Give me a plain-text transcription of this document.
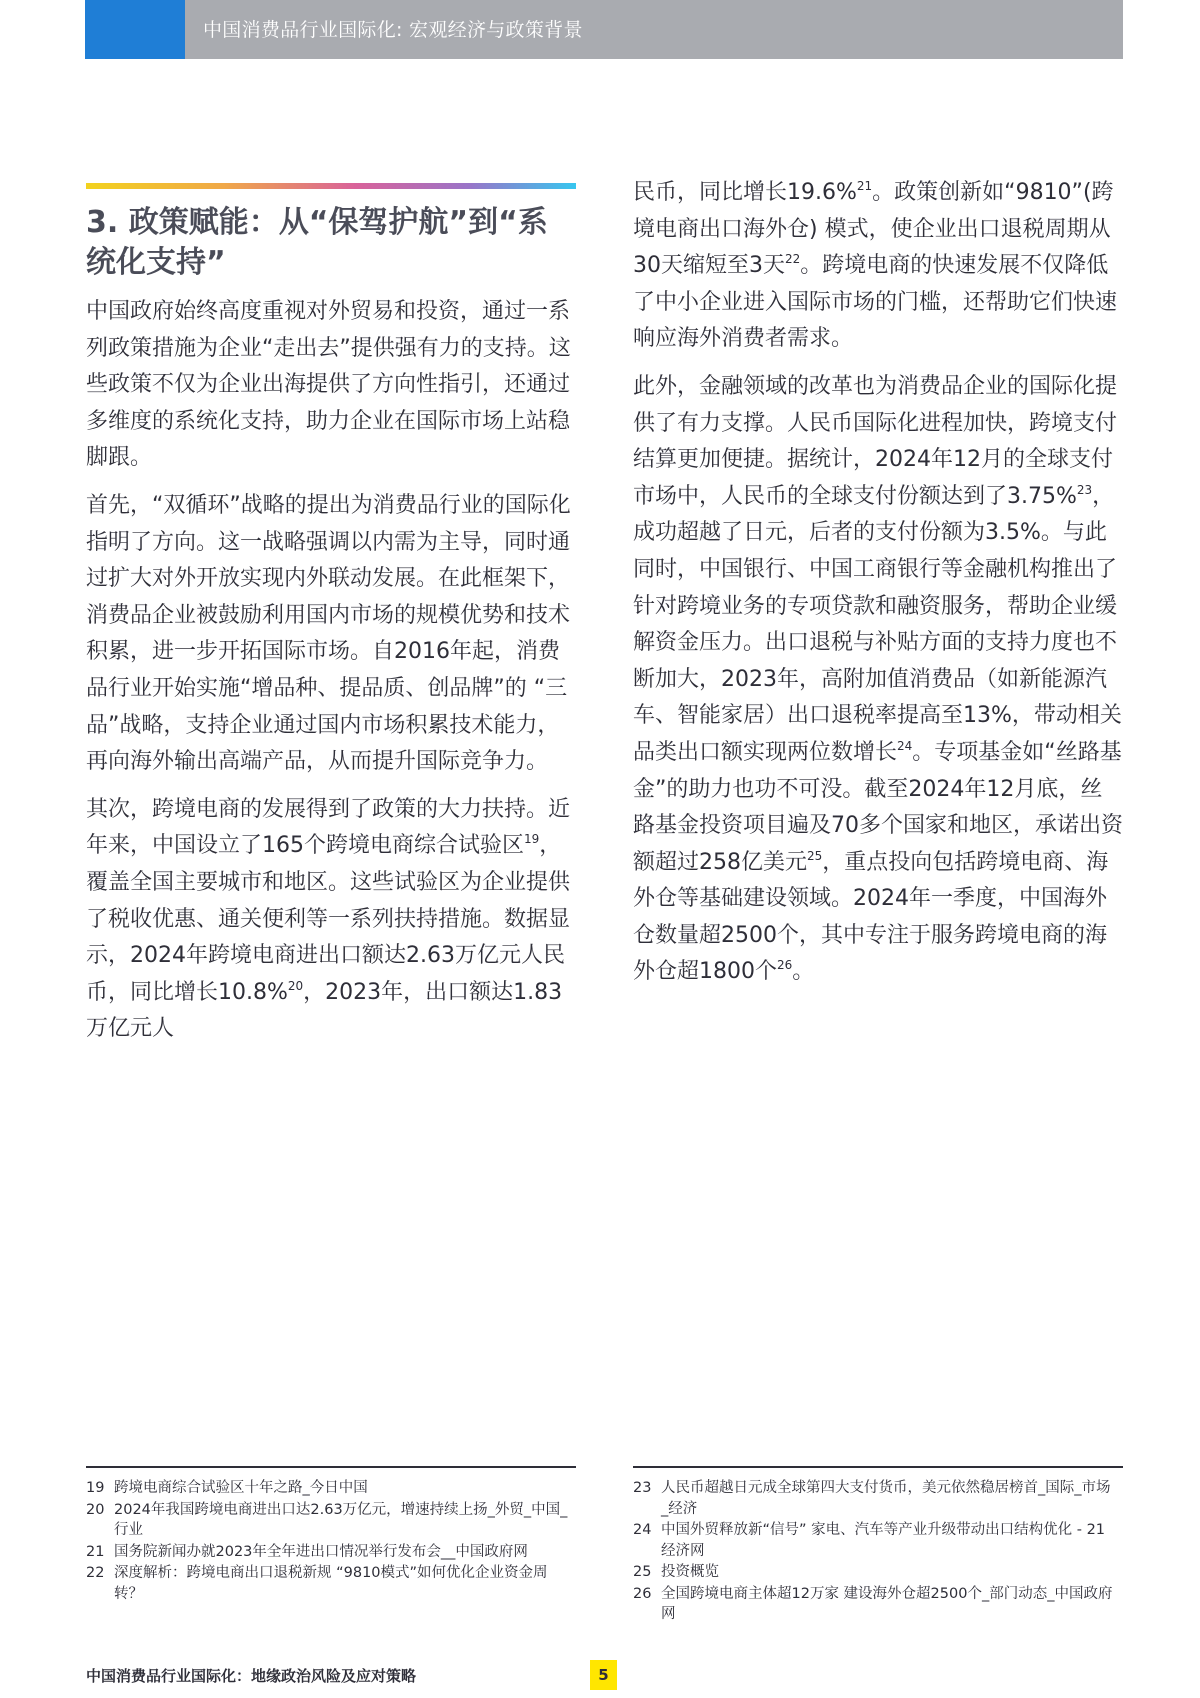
中国消费品行业国际化: 宏观经济与政策背景
3. 政策赋能：从“保驾护航”到“系统化支持”

中国政府始终高度重视对外贸易和投资，通过一系列政策措施为企业“走出去”提供强有力的支持。这些政策不仅为企业出海提供了方向性指引，还通过多维度的系统化支持，助力企业在国际市场上站稳脚跟。

首先，“双循环”战略的提出为消费品行业的国际化指明了方向。这一战略强调以内需为主导，同时通过扩大对外开放实现内外联动发展。在此框架下，消费品企业被鼓励利用国内市场的规模优势和技术积累，进一步开拓国际市场。自2016年起，消费品行业开始实施“增品种、提品质、创品牌”的 “三品”战略，支持企业通过国内市场积累技术能力，再向海外输出高端产品，从而提升国际竞争力。

其次，跨境电商的发展得到了政策的大力扶持。近年来，中国设立了165个跨境电商综合试验区$^{19}$，覆盖全国主要城市和地区。这些试验区为企业提供了税收优惠、通关便利等一系列扶持措施。数据显示，2024年跨境电商进出口额达2.63万亿元人民币，同比增长10.8%$^{20}$，2023年，出口额达1.83万亿元人

民币，同比增长19.6%$^{21}$。政策创新如“9810”(跨境电商出口海外仓) 模式，使企业出口退税周期从30天缩短至3天$^{22}$。跨境电商的快速发展不仅降低了中小企业进入国际市场的门槛，还帮助它们快速响应海外消费者需求。

此外，金融领域的改革也为消费品企业的国际化提供了有力支撑。人民币国际化进程加快，跨境支付结算更加便捷。据统计，2024年12月的全球支付市场中，人民币的全球支付份额达到了3.75%$^{23}$，成功超越了日元，后者的支付份额为3.5%。与此同时，中国银行、中国工商银行等金融机构推出了针对跨境业务的专项贷款和融资服务，帮助企业缓解资金压力。出口退税与补贴方面的支持力度也不断加大，2023年，高附加值消费品（如新能源汽车、智能家居）出口退税率提高至13%，带动相关品类出口额实现两位数增长$^{24}$。专项基金如“丝路基金”的助力也功不可没。截至2024年12月底，丝路基金投资项目遍及70多个国家和地区，承诺出资额超过258亿美元$^{25}$，重点投向包括跨境电商、海外仓等基础建设领域。2024年一季度，中国海外仓数量超2500个，其中专注于服务跨境电商的海外仓超1800个$^{26}$。

19 跨境电商综合试验区十年之路_今日中国
20 2024年我国跨境电商进出口达2.63万亿元，增速持续上扬_外贸_中国_行业
21 国务院新闻办就2023年全年进出口情况举行发布会__中国政府网
22 深度解析：跨境电商出口退税新规 “9810模式”如何优化企业资金周转？
23 人民币超越日元成全球第四大支付货币，美元依然稳居榜首_国际_市场_经济
24 中国外贸释放新“信号” 家电、汽车等产业升级带动出口结构优化 - 21经济网
25 投资概览
26 全国跨境电商主体超12万家 建设海外仓超2500个_部门动态_中国政府网
中国消费品行业国际化：地缘政治风险及应对策略	5
